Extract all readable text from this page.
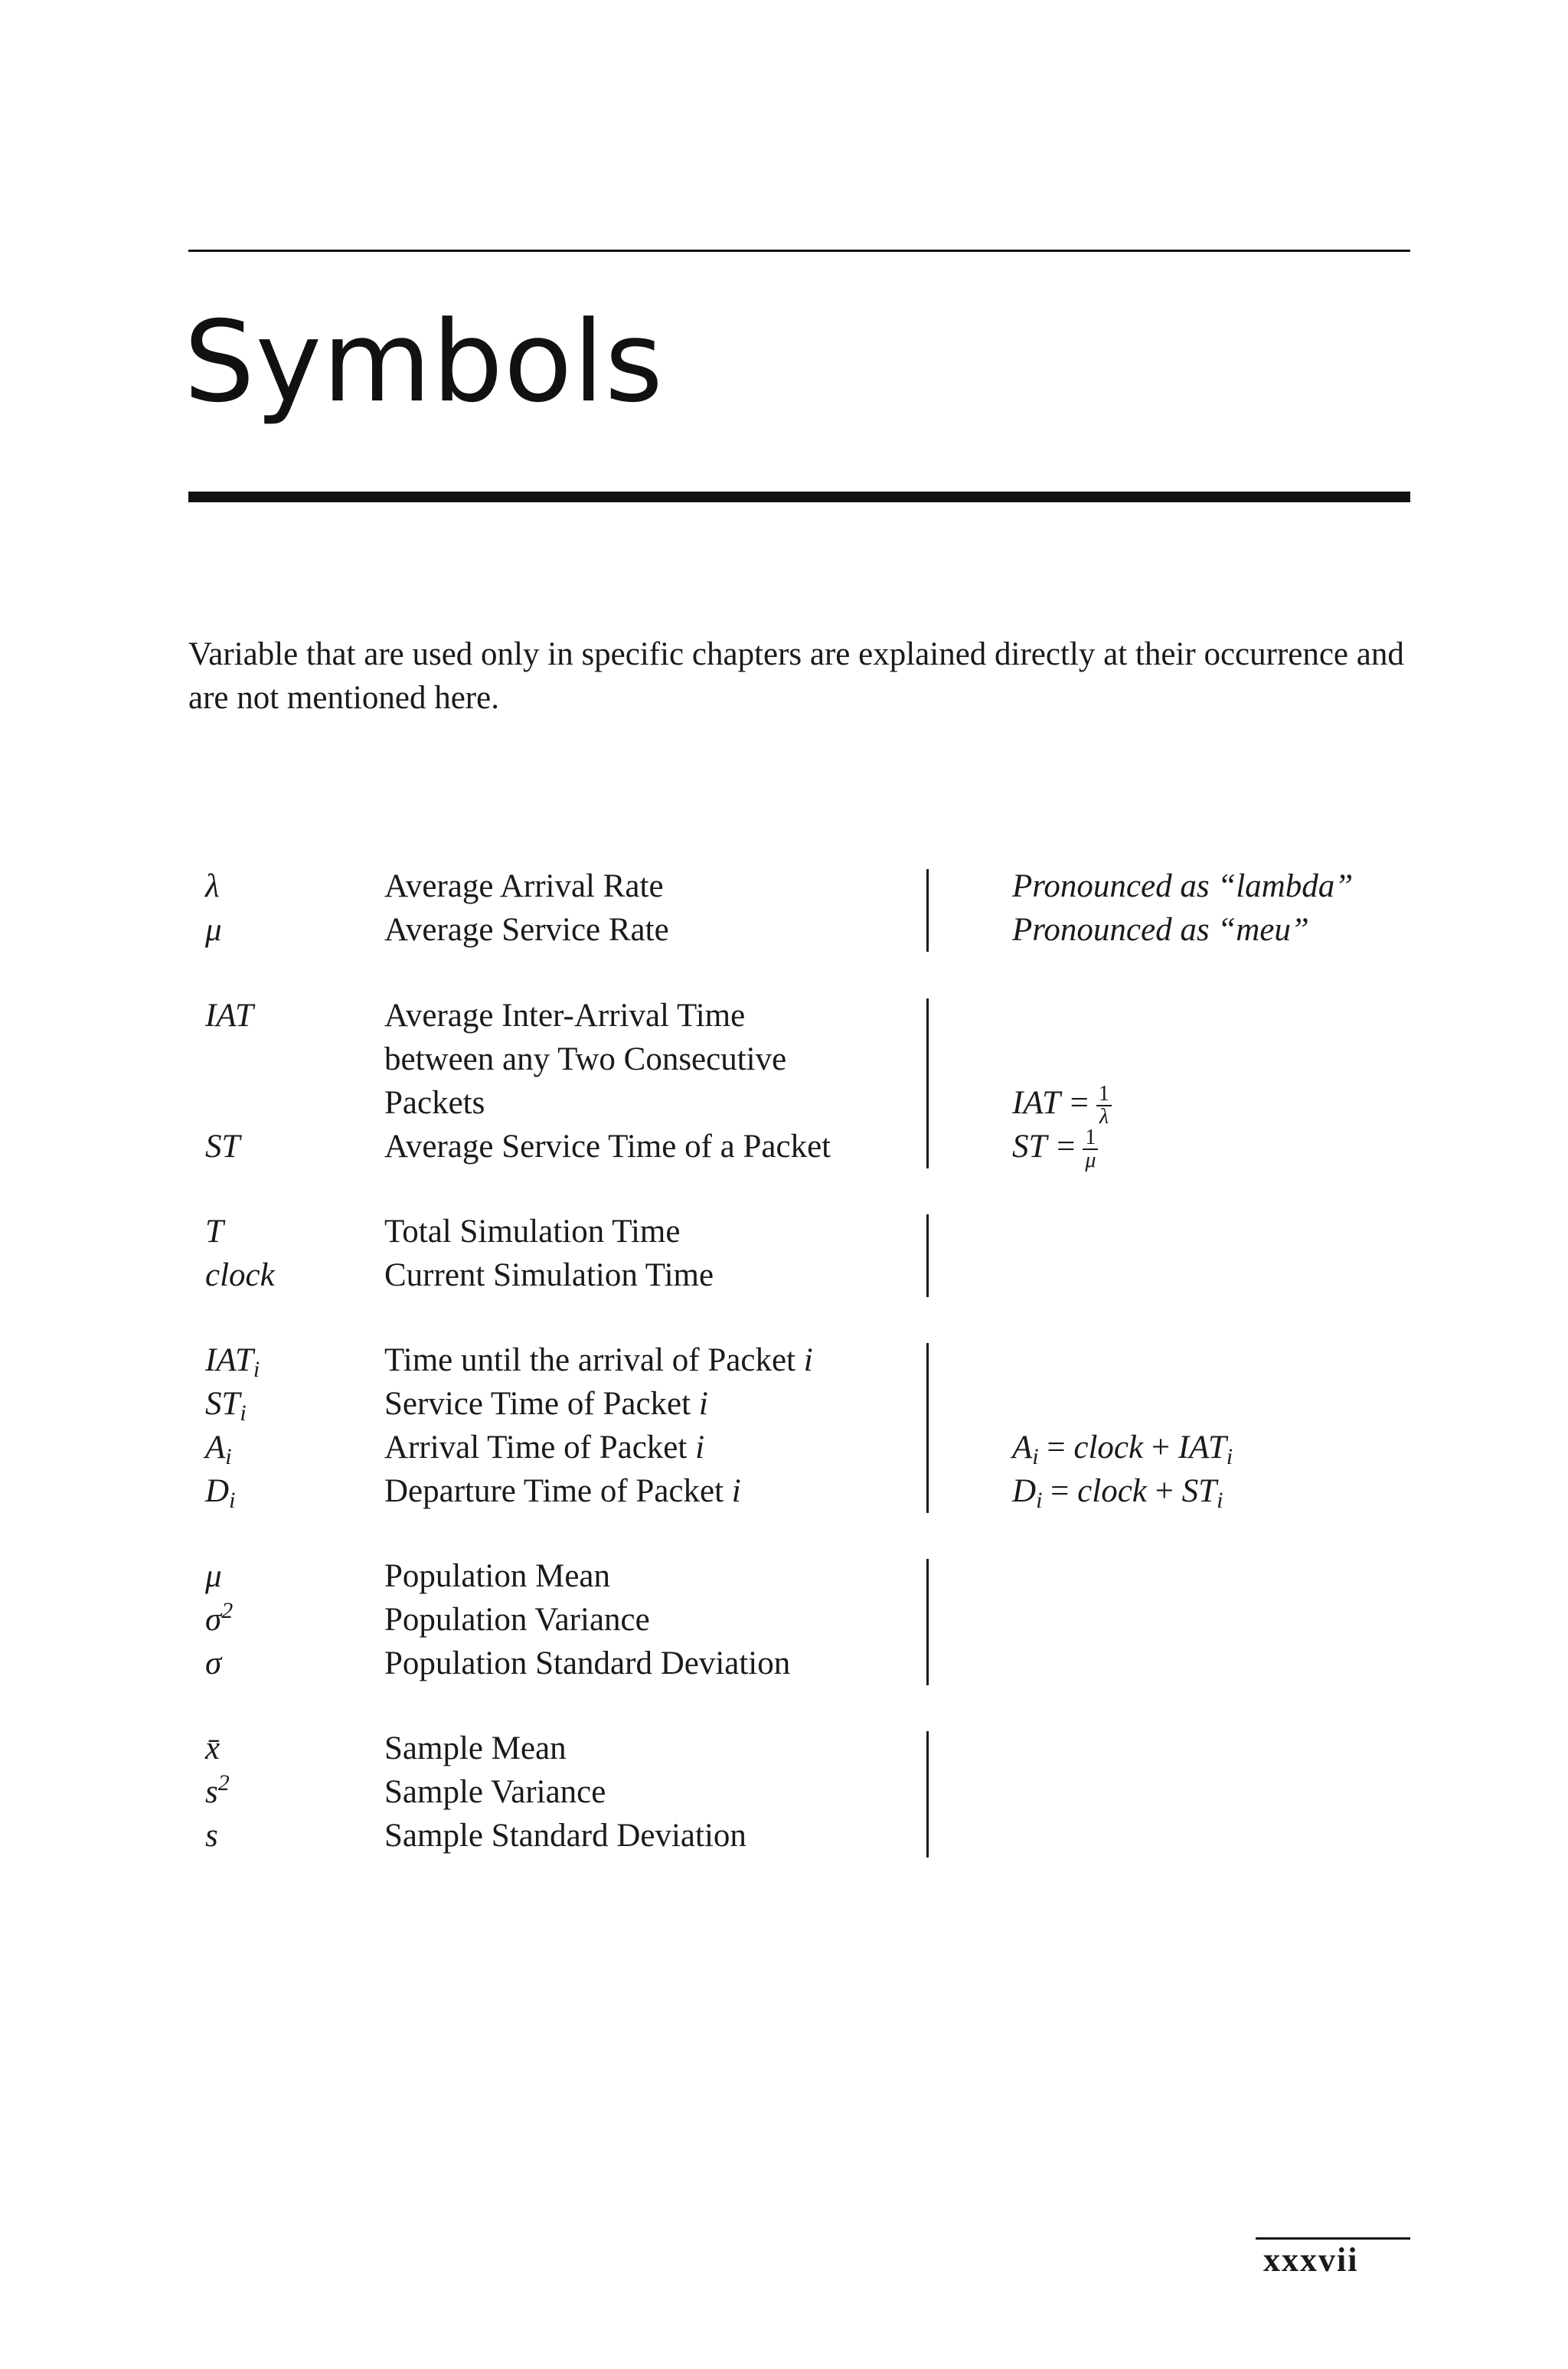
Symbols

Variable that are used only in specific chapters are explained directly at their occurrence and are not mentioned here.

λ	Average Arrival Rate	Pronounced as “lambda”
μ	Average Service Rate	Pronounced as “meu”
IAT	Average Inter-Arrival Time
between any Two Consecutive
Packets	IAT = $\frac{1}{\lambda}$
ST	Average Service Time of a Packet	ST = $\frac{1}{\mu}$
T	Total Simulation Time
clock	Current Simulation Time
$IAT_i$	Time until the arrival of Packet i
$ST_i$	Service Time of Packet i
$A_i$	Arrival Time of Packet i	$A_i$ = clock + $IAT_i$
$D_i$	Departure Time of Packet i	$D_i$ = clock + $ST_i$
μ	Population Mean
$\sigma^2$	Population Variance
σ	Population Standard Deviation
x̄	Sample Mean
$s^2$	Sample Variance
s	Sample Standard Deviation
xxxvii
